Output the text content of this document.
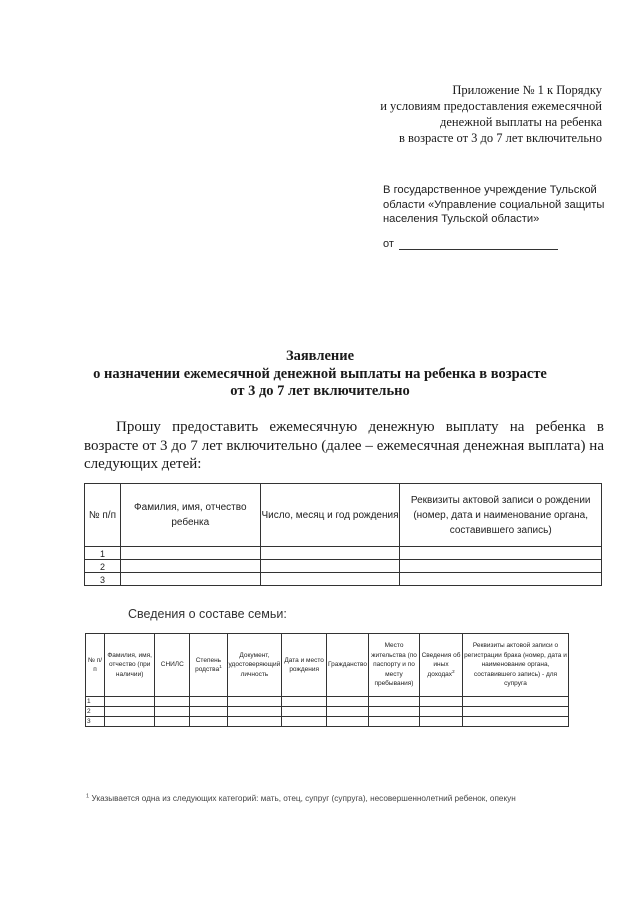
Приложение № 1 к Порядку
и условиям предоставления ежемесячной
денежной выплаты на ребенка
в возрасте от 3 до 7 лет включительно
В государственное учреждение Тульской
области «Управление социальной защиты
населения Тульской области»
от
Заявление
о назначении ежемесячной денежной выплаты на ребенка в возрасте
от 3 до 7 лет включительно
Прошу предоставить ежемесячную денежную выплату на ребенка в возрасте от 3 до 7 лет включительно (далее – ежемесячная денежная выплата) на следующих детей:
№ п/п	Фамилия, имя, отчество ребенка	Число, месяц и год рождения	Реквизиты актовой записи о рождении (номер, дата и наименование органа, составившего запись)
1			
2			
3			
Сведения о составе семьи:
№ п/п	Фамилия, имя, отчество (при наличии)	СНИЛС	Степень родства$^1$	Документ, удостоверяющий личность	Дата и место рождения	Гражданство	Место жительства (по паспорту и по месту пребывания)	Сведения об иных доходах$^2$	Реквизиты актовой записи о регистрации брака (номер, дата и наименование органа, составившего запись) - для супруга
1									
2									
3									
$^1$ Указывается одна из следующих категорий: мать, отец, супруг (супруга), несовершеннолетний ребенок, опекун
